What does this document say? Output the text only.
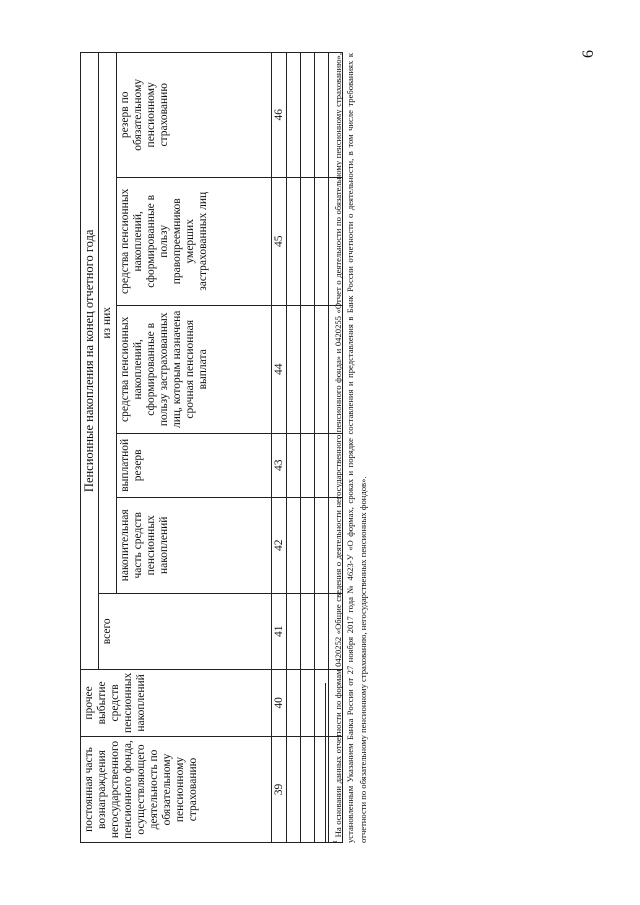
6
постоянная часть вознаграждения негосударственного пенсионного фонда, осуществляющего деятельность по обязательному пенсионному страхованию	прочее выбытие средств пенсионных накоплений	Пенсионные накопления на конец отчетного года					
		всего	из них				
			накопительная часть средств пенсионных накоплений	выплатной резерв	средства пенсионных накоплений, сформированные в пользу застрахованных лиц, которым назначена срочная пенсионная выплата	средства пенсионных накоплений, сформированные в пользу правопреемников умерших застрахованных лиц	резерв по обязательному пенсионному страхованию
39	40	41	42	43	44	45	46

$^1$ На основании данных отчетности по формам 0420252 «Общие сведения о деятельности негосударственного пенсионного фонда» и 0420255 «Отчет о деятельности по обязательному пенсионному страхованию», установленным Указанием Банка России от 27 ноября 2017 года № 4623-У «О формах, сроках и порядке составления и представления в Банк России отчетности о деятельности, в том числе требованиях к отчетности по обязательному пенсионному страхованию, негосударственных пенсионных фондов».
